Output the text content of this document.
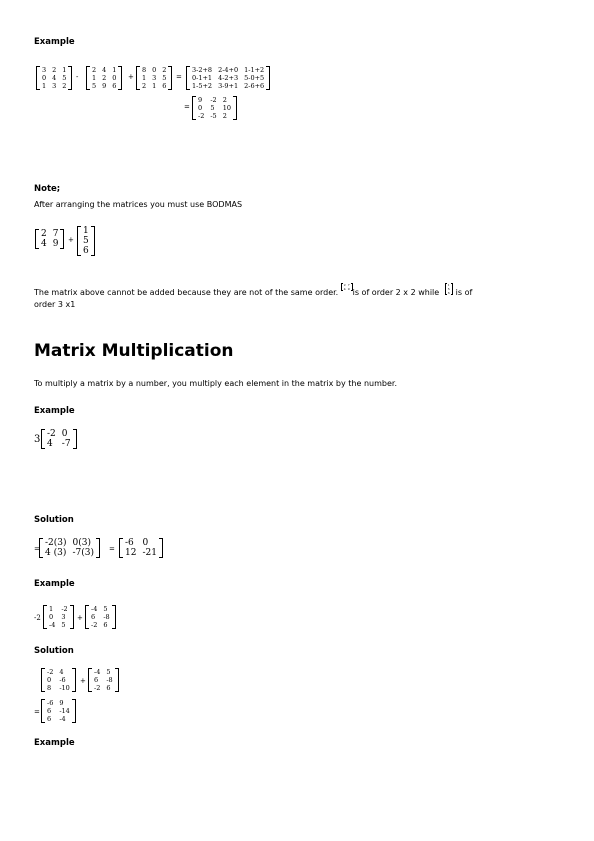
Example
3 2 1
0 4 5
1 3 2
-
2 4 1
1 2 0
5 9 6
+
8 0 2
1 3 5
2 1 6
=
3-2+8 2-4+0 1-1+2
0-1+1 4-2+3 5-0+5
1-5+2 3-9+1 2-6+6
=
9	-2 2
0	5	10
-2 -5 2
Note;
After arranging the matrices you must use BODMAS
2 7
4 9 +
1
5
6
The matrix above cannot be added because they are not of the same order.
2 7
4 9 is of order 2 x 2 while
1
5
6 is of
order 3 x1
Matrix Multiplication
To multiply a matrix by a number, you multiply each element in the matrix by the number.
Example
3 -2 0
4	-7
Solution
=
-2(3) 0(3)
4 (3) -7(3) =
-6 0
12 -21
Example
-2
1	-2
0	3
-4 5
+
-4 5
6	-8
-2 6
Solution
-2 4
0	-6
8	-10
+
-4 5
6	-8
-2 6
=
-6 9
6	-14
6	-4
Example
